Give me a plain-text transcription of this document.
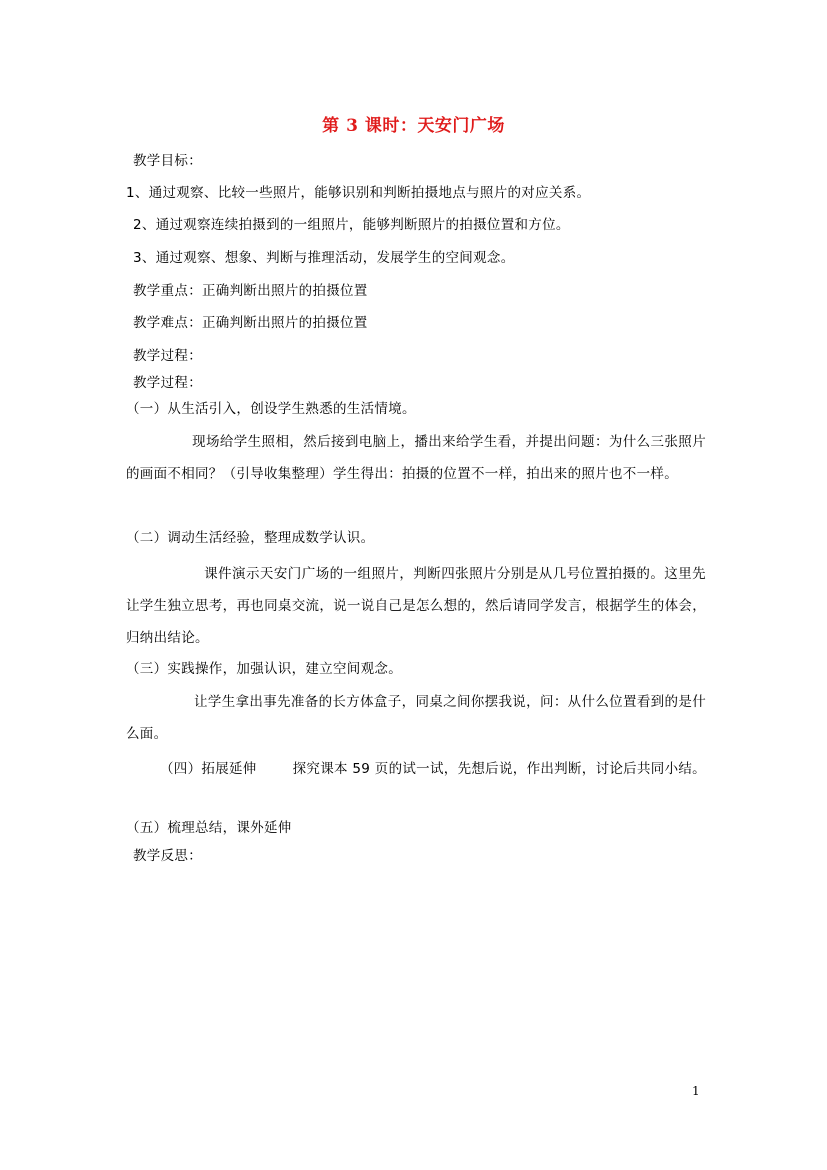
第 3 课时：天安门广场
教学目标：
1、通过观察、比较一些照片，能够识别和判断拍摄地点与照片的对应关系。
2、通过观察连续拍摄到的一组照片，能够判断照片的拍摄位置和方位。
3、通过观察、想象、判断与推理活动，发展学生的空间观念。
教学重点：正确判断出照片的拍摄位置
教学难点：正确判断出照片的拍摄位置
教学过程：
教学过程：
（一）从生活引入，创设学生熟悉的生活情境。
现场给学生照相，然后接到电脑上，播出来给学生看，并提出问题：为什么三张照片的画面不相同？（引导收集整理）学生得出：拍摄的位置不一样，拍出来的照片也不一样。
（二）调动生活经验，整理成数学认识。
课件演示天安门广场的一组照片，判断四张照片分别是从几号位置拍摄的。这里先让学生独立思考，再也同桌交流，说一说自己是怎么想的，然后请同学发言，根据学生的体会，归纳出结论。
（三）实践操作，加强认识，建立空间观念。
让学生拿出事先准备的长方体盒子，同桌之间你摆我说，问：从什么位置看到的是什么面。
（四）拓展延伸	探究课本 59 页的试一试，先想后说，作出判断，讨论后共同小结。
（五）梳理总结，课外延伸
教学反思：
1
